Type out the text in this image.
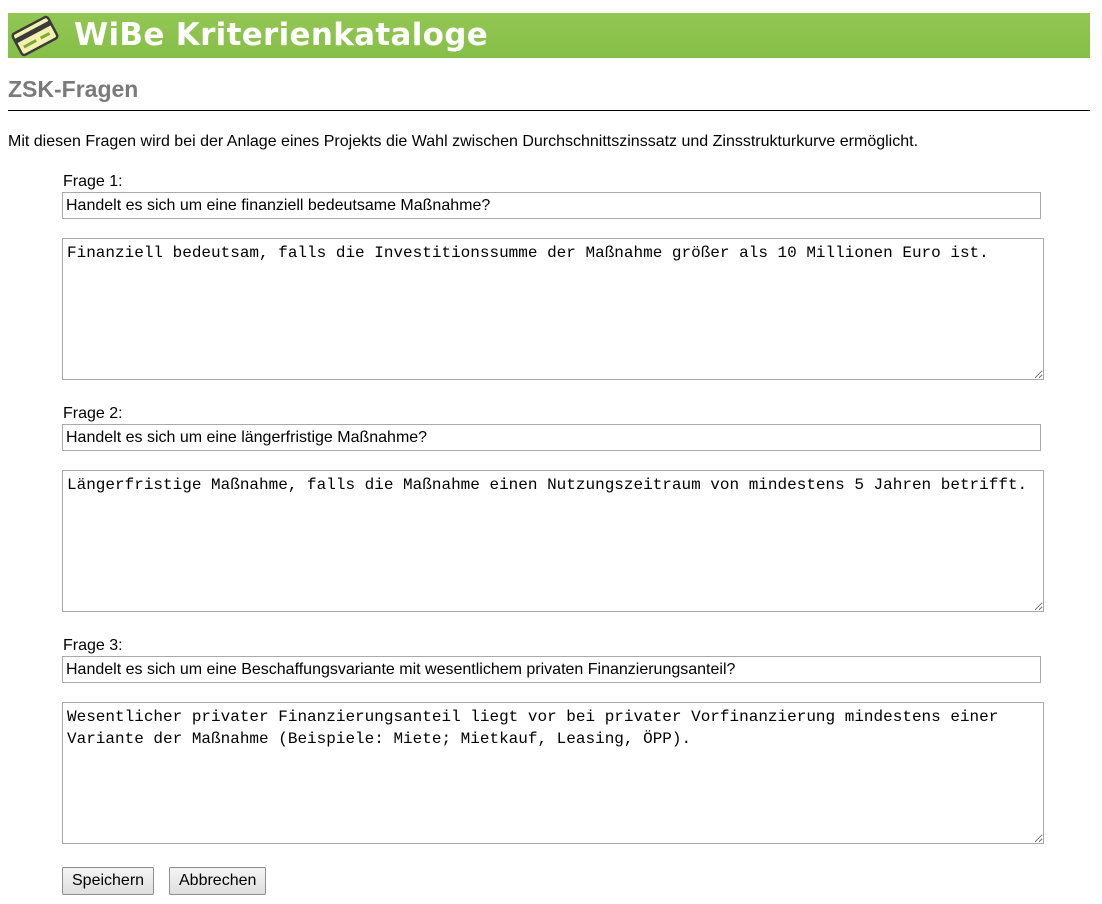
WiBe Kriterienkataloge
ZSK-Fragen
Mit diesen Fragen wird bei der Anlage eines Projekts die Wahl zwischen Durchschnittszinssatz und Zinsstrukturkurve ermöglicht.
Frage 1:
Handelt es sich um eine finanziell bedeutsame Maßnahme?
Finanziell bedeutsam, falls die Investitionssumme der Maßnahme größer als 10 Millionen Euro ist.
Frage 2:
Handelt es sich um eine längerfristige Maßnahme?
Längerfristige Maßnahme, falls die Maßnahme einen Nutzungszeitraum von mindestens 5 Jahren betrifft.
Frage 3:
Handelt es sich um eine Beschaffungsvariante mit wesentlichem privaten Finanzierungsanteil?
Wesentlicher privater Finanzierungsanteil liegt vor bei privater Vorfinanzierung mindestens einer Variante der Maßnahme (Beispiele: Miete; Mietkauf, Leasing, ÖPP).
Speichern	Abbrechen
